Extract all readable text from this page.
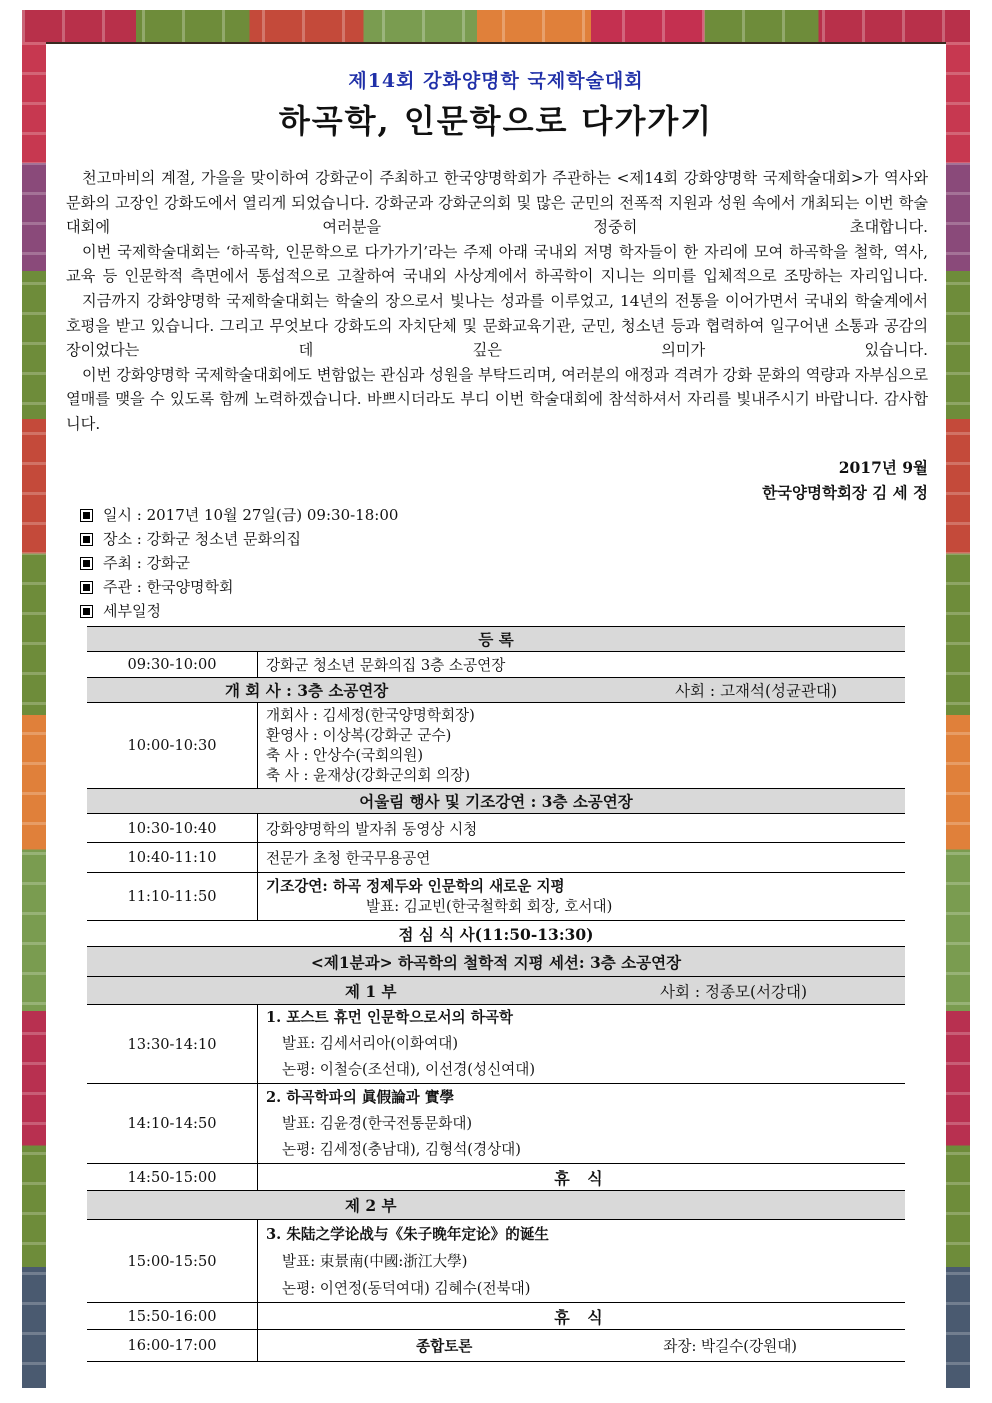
제14회 강화양명학 국제학술대회
하곡학, 인문학으로 다가가기

천고마비의 계절, 가을을 맞이하여 강화군이 주최하고 한국양명학회가 주관하는 <제14회 강화양명학 국제학술대회>가 역사와 문화의 고장인 강화도에서 열리게 되었습니다. 강화군과 강화군의회 및 많은 군민의 전폭적 지원과 성원 속에서 개최되는 이번 학술대회에 여러분을 정중히 초대합니다.

이번 국제학술대회는 ‘하곡학, 인문학으로 다가가기’라는 주제 아래 국내외 저명 학자들이 한 자리에 모여 하곡학을 철학, 역사, 교육 등 인문학적 측면에서 통섭적으로 고찰하여 국내외 사상계에서 하곡학이 지니는 의미를 입체적으로 조망하는 자리입니다.

지금까지 강화양명학 국제학술대회는 학술의 장으로서 빛나는 성과를 이루었고, 14년의 전통을 이어가면서 국내외 학술계에서 호평을 받고 있습니다. 그리고 무엇보다 강화도의 자치단체 및 문화교육기관, 군민, 청소년 등과 협력하여 일구어낸 소통과 공감의 장이었다는 데 깊은 의미가 있습니다.

이번 강화양명학 국제학술대회에도 변함없는 관심과 성원을 부탁드리며, 여러분의 애정과 격려가 강화 문화의 역량과 자부심으로 열매를 맺을 수 있도록 함께 노력하겠습니다. 바쁘시더라도 부디 이번 학술대회에 참석하셔서 자리를 빛내주시기 바랍니다. 감사합니다.

2017년 9월
한국양명학회장 김 세 정
일시 : 2017년 10월 27일(금) 09:30-18:00
장소 : 강화군 청소년 문화의집
주최 : 강화군
주관 : 한국양명학회
세부일정
등 록	
09:30-10:00	강화군 청소년 문화의집 3층 소공연장

개 회 사 : 3층 소공연장 사회 : 고재석(성균관대)	

10:00-10:30	개회사 : 김세정(한국양명학회장)
환영사 : 이상복(강화군 군수)
축 사 : 안상수(국회의원)
축 사 : 윤재상(강화군의회 의장)

어울림 행사 및 기조강연 : 3층 소공연장	
10:30-10:40	강화양명학의 발자취 동영상 시청
10:40-11:10	전문가 초청 한국무용공연
11:10-11:50	기조강연: 하곡 정제두와 인문학의 새로운 지평
발표: 김교빈(한국철학회 회장, 호서대)

점 심 식 사(11:50-13:30)	
<제1분과> 하곡학의 철학적 지평 세션: 3층 소공연장	

제 1 부 사회 : 정종모(서강대)	

13:30-14:10	1. 포스트 휴먼 인문학으로서의 하곡학
발표: 김세서리아(이화여대)
논평: 이철승(조선대), 이선경(성신여대)

14:10-14:50	2. 하곡학파의 眞假論과 實學
발표: 김윤경(한국전통문화대)
논평: 김세정(충남대), 김형석(경상대)

14:50-15:00	휴 식

제 2 부	

15:00-15:50	3. 朱陆之学论战与《朱子晚年定论》的诞生
발표: 束景南(中國:浙江大學)
논평: 이연정(동덕여대) 김혜수(전북대)

15:50-16:00	휴 식
16:00-17:00	종합토론 좌장: 박길수(강원대)
